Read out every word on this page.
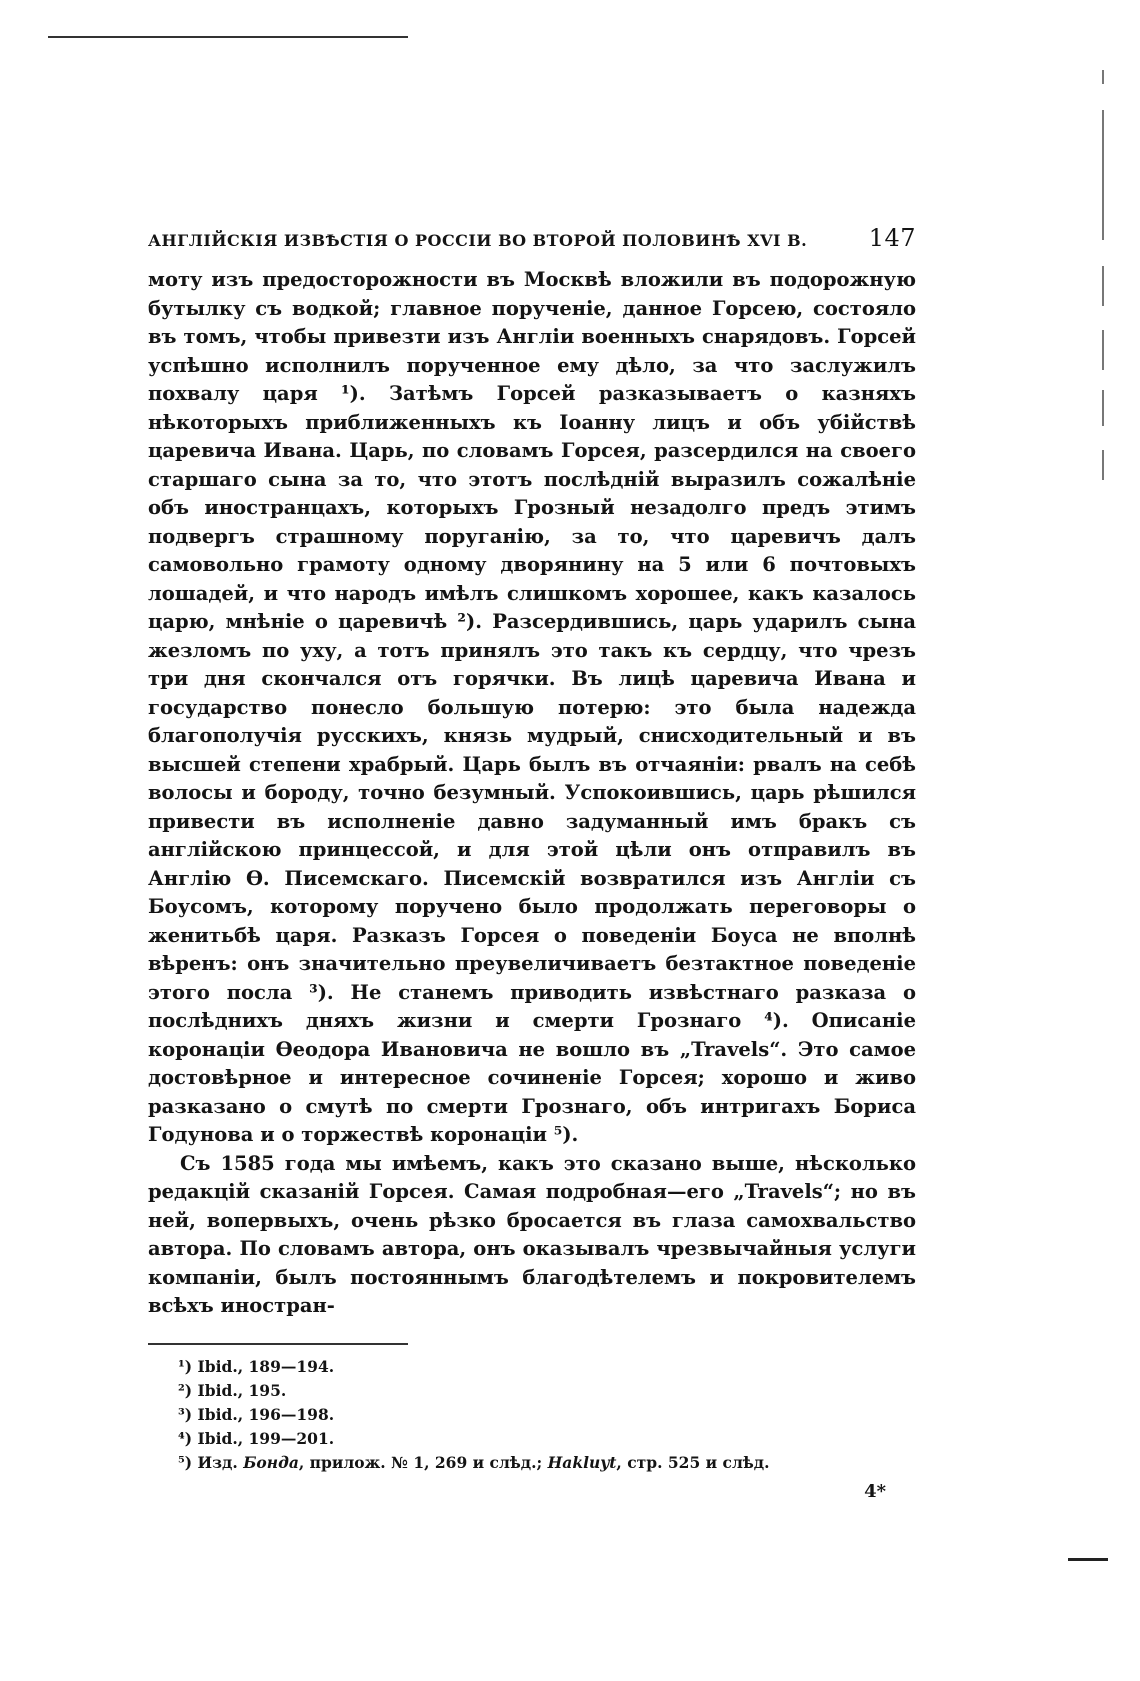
АНГЛІЙСКІЯ ИЗВѢСТІЯ О РОССІИ ВО ВТОРОЙ ПОЛОВИНѢ XVI В.	147

моту изъ предосторожности въ Москвѣ вложили въ подорожную бутылку съ водкой; главное порученіе, данное Горсею, состояло въ томъ, чтобы привезти изъ Англіи военныхъ снарядовъ. Горсей успѣшно исполнилъ порученное ему дѣло, за что заслужилъ похвалу царя ¹). Затѣмъ Горсей разказываетъ о казняхъ нѣкоторыхъ приближенныхъ къ Іоанну лицъ и объ убійствѣ царевича Ивана. Царь, по словамъ Горсея, разсердился на своего старшаго сына за то, что этотъ послѣдній выразилъ сожалѣніе объ иностранцахъ, которыхъ Грозный незадолго предъ этимъ подвергъ страшному поруганію, за то, что царевичъ далъ самовольно грамоту одному дворянину на 5 или 6 почтовыхъ лошадей, и что народъ имѣлъ слишкомъ хорошее, какъ казалось царю, мнѣніе о царевичѣ ²). Разсердившись, царь ударилъ сына жезломъ по уху, а тотъ принялъ это такъ къ сердцу, что чрезъ три дня скончался отъ горячки. Въ лицѣ царевича Ивана и государство понесло большую потерю: это была надежда благополучія русскихъ, князь мудрый, снисходительный и въ высшей степени храбрый. Царь былъ въ отчаяніи: рвалъ на себѣ волосы и бороду, точно безумный. Успокоившись, царь рѣшился привести въ исполненіе давно задуманный имъ бракъ съ англійскою принцессой, и для этой цѣли онъ отправилъ въ Англію Ѳ. Писемскаго. Писемскій возвратился изъ Англіи съ Боусомъ, которому поручено было продолжать переговоры о женитьбѣ царя. Разказъ Горсея о поведеніи Боуса не вполнѣ вѣренъ: онъ значительно преувеличиваетъ безтактное поведеніе этого посла ³). Не станемъ приводить извѣстнаго разказа о послѣднихъ дняхъ жизни и смерти Грознаго ⁴). Описаніе коронаціи Ѳеодора Ивановича не вошло въ „Travels“. Это самое достовѣрное и интересное сочиненіе Горсея; хорошо и живо разказано о смутѣ по смерти Грознаго, объ интригахъ Бориса Годунова и о торжествѣ коронаціи ⁵).

Съ 1585 года мы имѣемъ, какъ это сказано выше, нѣсколько редакцій сказаній Горсея. Самая подробная—его „Travels“; но въ ней, вопервыхъ, очень рѣзко бросается въ глаза самохвальство автора. По словамъ автора, онъ оказывалъ чрезвычайныя услуги компаніи, былъ постояннымъ благодѣтелемъ и покровителемъ всѣхъ иностран-

¹) Ibid., 189—194.
²) Ibid., 195.
³) Ibid., 196—198.
⁴) Ibid., 199—201.
⁵) Изд. Бонда, прилож. № 1, 269 и слѣд.; Hakluyt, стр. 525 и слѣд.
4*
